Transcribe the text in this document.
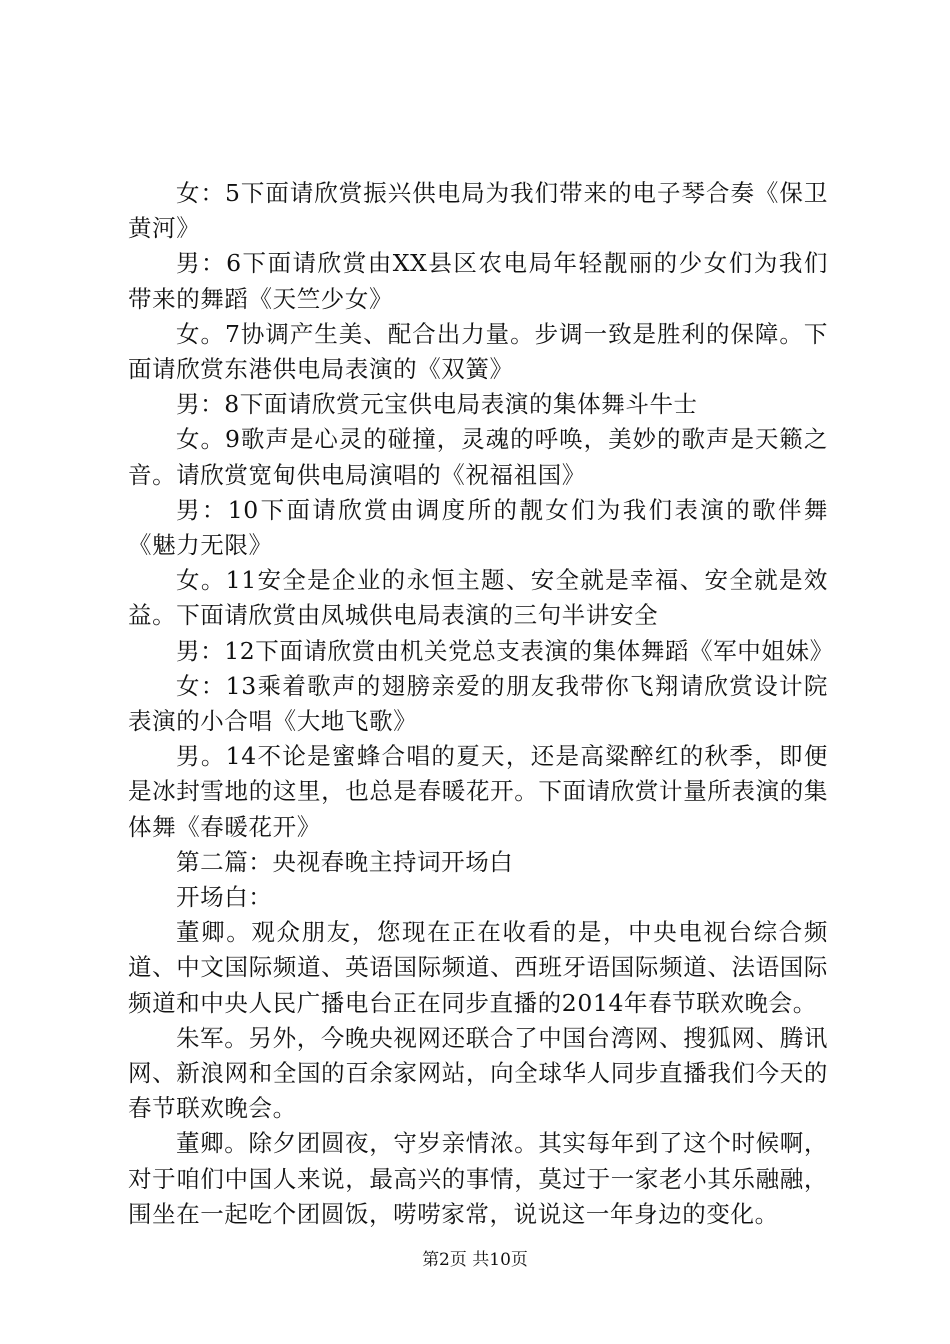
女：5下面请欣赏振兴供电局为我们带来的电子琴合奏《保卫黄河》

男：6下面请欣赏由XX县区农电局年轻靓丽的少女们为我们带来的舞蹈《天竺少女》

女。7协调产生美、配合出力量。步调一致是胜利的保障。下面请欣赏东港供电局表演的《双簧》

男：8下面请欣赏元宝供电局表演的集体舞斗牛士

女。9歌声是心灵的碰撞，灵魂的呼唤，美妙的歌声是天籁之音。请欣赏宽甸供电局演唱的《祝福祖国》

男：10下面请欣赏由调度所的靓女们为我们表演的歌伴舞《魅力无限》

女。11安全是企业的永恒主题、安全就是幸福、安全就是效益。下面请欣赏由凤城供电局表演的三句半讲安全

男：12下面请欣赏由机关党总支表演的集体舞蹈《军中姐妹》

女：13乘着歌声的翅膀亲爱的朋友我带你飞翔请欣赏设计院表演的小合唱《大地飞歌》

男。14不论是蜜蜂合唱的夏天，还是高粱醉红的秋季，即便是冰封雪地的这里，也总是春暖花开。下面请欣赏计量所表演的集体舞《春暖花开》

第二篇：央视春晚主持词开场白

开场白：

董卿。观众朋友，您现在正在收看的是，中央电视台综合频道、中文国际频道、英语国际频道、西班牙语国际频道、法语国际频道和中央人民广播电台正在同步直播的2014年春节联欢晚会。

朱军。另外，今晚央视网还联合了中国台湾网、搜狐网、腾讯网、新浪网和全国的百余家网站，向全球华人同步直播我们今天的春节联欢晚会。

董卿。除夕团圆夜，守岁亲情浓。其实每年到了这个时候啊，对于咱们中国人来说，最高兴的事情，莫过于一家老小其乐融融，围坐在一起吃个团圆饭，唠唠家常，说说这一年身边的变化。

第2页 共10页
